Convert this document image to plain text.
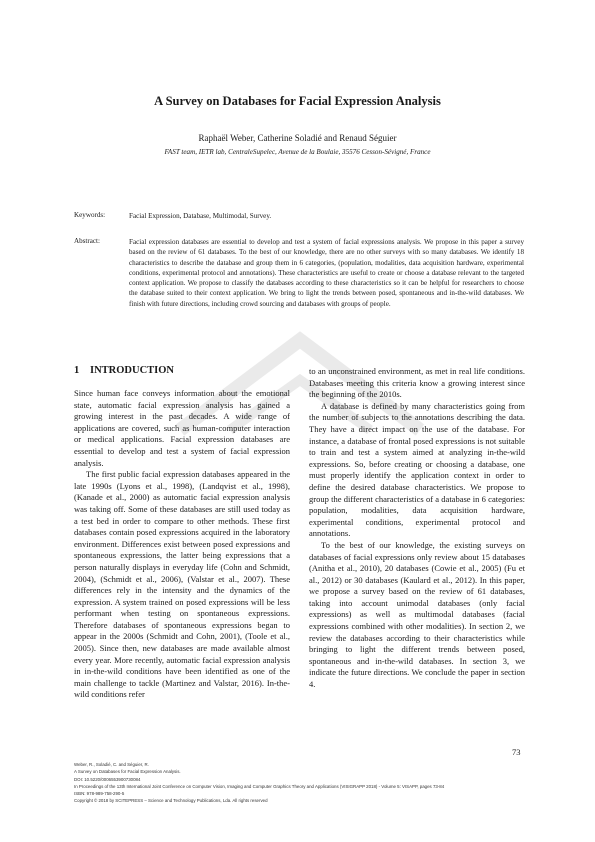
A Survey on Databases for Facial Expression Analysis
Raphaël Weber, Catherine Soladié and Renaud Séguier
FAST team, IETR lab, CentraleSupelec, Avenue de la Boulaie, 35576 Cesson-Sévigné, France
Keywords:	Facial Expression, Database, Multimodal, Survey.
Abstract:	Facial expression databases are essential to develop and test a system of facial expressions analysis. We propose in this paper a survey based on the review of 61 databases. To the best of our knowledge, there are no other surveys with so many databases. We identify 18 characteristics to describe the database and group them in 6 categories, (population, modalities, data acquisition hardware, experimental conditions, experimental protocol and annotations). These characteristics are useful to create or choose a database relevant to the targeted context application. We propose to classify the databases according to these characteristics so it can be helpful for researchers to choose the database suited to their context application. We bring to light the trends between posed, spontaneous and in-the-wild databases. We finish with future directions, including crowd sourcing and databases with groups of people.
1 INTRODUCTION

Since human face conveys information about the emotional state, automatic facial expression analysis has gained a growing interest in the past decades. A wide range of applications are covered, such as human-computer interaction or medical applications. Facial expression databases are essential to develop and test a system of facial expression analysis.

The first public facial expression databases appeared in the late 1990s (Lyons et al., 1998), (Landqvist et al., 1998), (Kanade et al., 2000) as automatic facial expression analysis was taking off. Some of these databases are still used today as a test bed in order to compare to other methods. These first databases contain posed expressions acquired in the laboratory environment. Differences exist between posed expressions and spontaneous expressions, the latter being expressions that a person naturally displays in everyday life (Cohn and Schmidt, 2004), (Schmidt et al., 2006), (Valstar et al., 2007). These differences rely in the intensity and the dynamics of the expression. A system trained on posed expressions will be less performant when testing on spontaneous expressions. Therefore databases of spontaneous expressions began to appear in the 2000s (Schmidt and Cohn, 2001), (Toole et al., 2005). Since then, new databases are made available almost every year. More recently, automatic facial expression analysis in in-the-wild conditions have been identified as one of the main challenge to tackle (Martinez and Valstar, 2016). In-the-wild conditions refer

to an unconstrained environment, as met in real life conditions. Databases meeting this criteria know a growing interest since the beginning of the 2010s.

A database is defined by many characteristics going from the number of subjects to the annotations describing the data. They have a direct impact on the use of the database. For instance, a database of frontal posed expressions is not suitable to train and test a system aimed at analyzing in-the-wild expressions. So, before creating or choosing a database, one must properly identify the application context in order to define the desired database characteristics. We propose to group the different characteristics of a database in 6 categories: population, modalities, data acquisition hardware, experimental conditions, experimental protocol and annotations.

To the best of our knowledge, the existing surveys on databases of facial expressions only review about 15 databases (Anitha et al., 2010), 20 databases (Cowie et al., 2005) (Fu et al., 2012) or 30 databases (Kaulard et al., 2012). In this paper, we propose a survey based on the review of 61 databases, taking into account unimodal databases (only facial expressions) as well as multimodal databases (facial expressions combined with other modalities). In section 2, we review the databases according to their characteristics while bringing to light the different trends between posed, spontaneous and in-the-wild databases. In section 3, we indicate the future directions. We conclude the paper in section 4.

73
Weber, R., Soladié, C. and Séguier, R.
A Survey on Databases for Facial Expression Analysis.
DOI: 10.5220/0006553900730084
In Proceedings of the 13th International Joint Conference on Computer Vision, Imaging and Computer Graphics Theory and Applications (VISIGRAPP 2018) - Volume 5: VISAPP, pages 73-84
ISBN: 978-989-758-290-5
Copyright © 2018 by SCITEPRESS – Science and Technology Publications, Lda. All rights reserved
